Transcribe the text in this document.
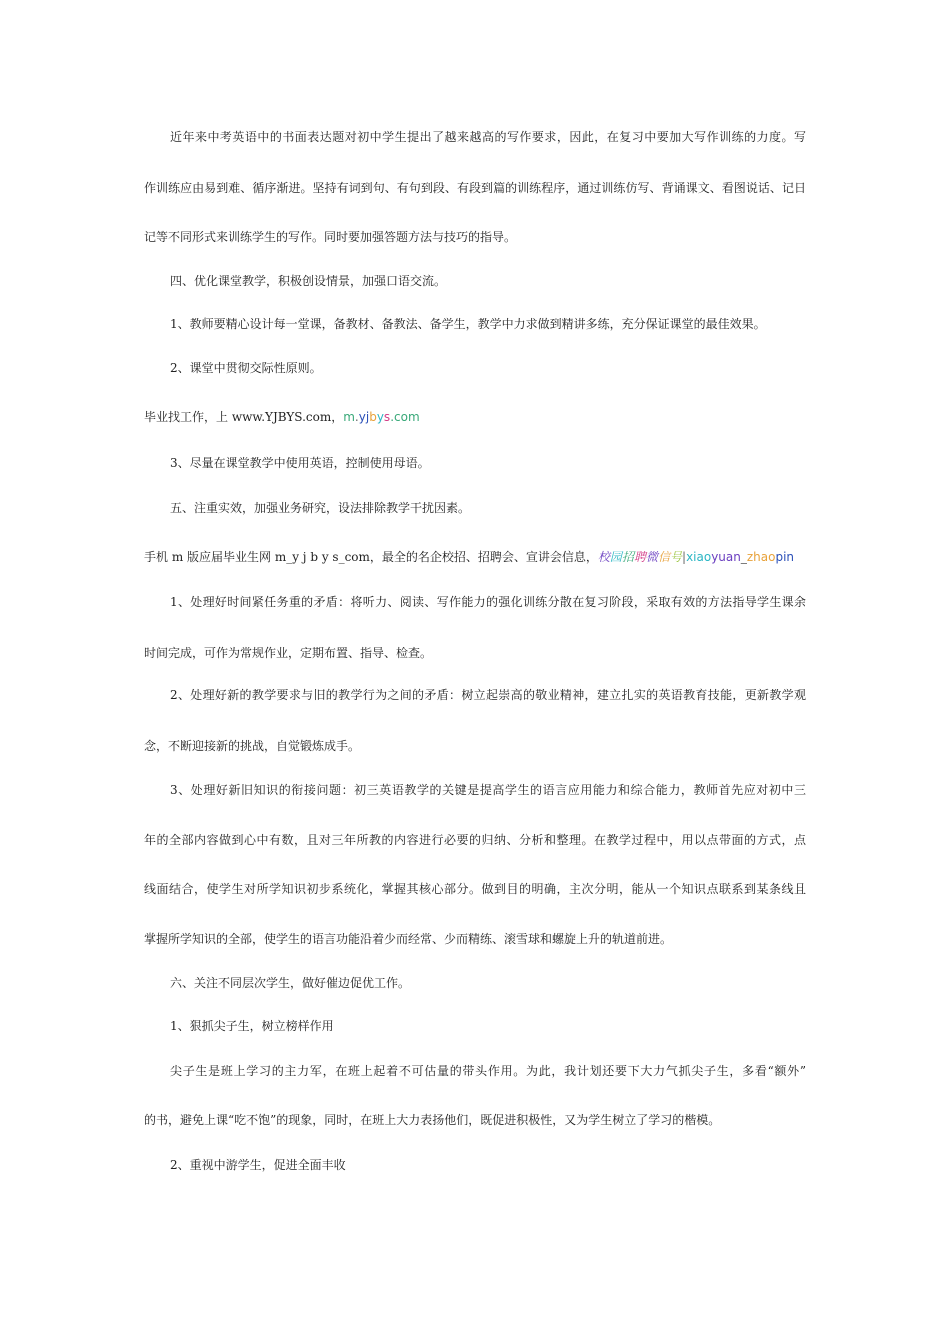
近年来中考英语中的书面表达题对初中学生提出了越来越高的写作要求，因此，在复习中要加大写作训练的力度。写
作训练应由易到难、循序渐进。坚持有词到句、有句到段、有段到篇的训练程序，通过训练仿写、背诵课文、看图说话、记日
记等不同形式来训练学生的写作。同时要加强答题方法与技巧的指导。
四、优化课堂教学，积极创设情景，加强口语交流。
1、教师要精心设计每一堂课，备教材、备教法、备学生，教学中力求做到精讲多练，充分保证课堂的最佳效果。
2、课堂中贯彻交际性原则。
毕业找工作，上 www.YJBYS.com，m.yjbys.com
3、尽量在课堂教学中使用英语，控制使用母语。
五、注重实效，加强业务研究，设法排除教学干扰因素。
手机 m 版应届毕业生网 m_y j b y s_com，最全的名企校招、招聘会、宣讲会信息，校园招聘微信号|xiaoyuan_zhaopin
1、处理好时间紧任务重的矛盾：将听力、阅读、写作能力的强化训练分散在复习阶段，采取有效的方法指导学生课余
时间完成，可作为常规作业，定期布置、指导、检查。
2、处理好新的教学要求与旧的教学行为之间的矛盾：树立起崇高的敬业精神，建立扎实的英语教育技能，更新教学观
念，不断迎接新的挑战，自觉锻炼成手。
3、处理好新旧知识的衔接问题：初三英语教学的关键是提高学生的语言应用能力和综合能力，教师首先应对初中三
年的全部内容做到心中有数，且对三年所教的内容进行必要的归纳、分析和整理。在教学过程中，用以点带面的方式，点
线面结合，使学生对所学知识初步系统化，掌握其核心部分。做到目的明确，主次分明，能从一个知识点联系到某条线且
掌握所学知识的全部，使学生的语言功能沿着少而经常、少而精练、滚雪球和螺旋上升的轨道前进。
六、关注不同层次学生，做好催边促优工作。
1、狠抓尖子生，树立榜样作用
尖子生是班上学习的主力军，在班上起着不可估量的带头作用。为此，我计划还要下大力气抓尖子生，多看“额外”
的书，避免上课“吃不饱”的现象，同时，在班上大力表扬他们，既促进积极性，又为学生树立了学习的楷模。
2、重视中游学生，促进全面丰收
